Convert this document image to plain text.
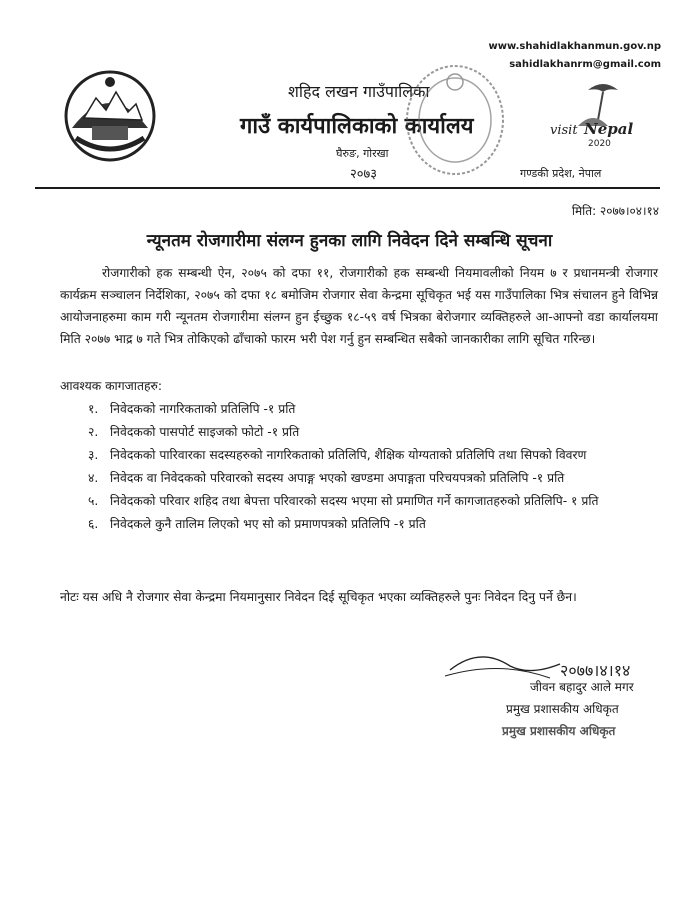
शहिद लखन गाउँपालिका
गाउँ कार्यपालिकाको कार्यालय
घैरुङ, गोरखा
२०७३
www.shahidlakhanmun.gov.np
sahidlakhanrm@gmail.com
visit Nepal
2020
गण्डकी प्रदेश, नेपाल
मिति: २०७७।०४।१४
न्यूनतम रोजगारीमा संलग्न हुनका लागि निवेदन दिने सम्बन्धि सूचना
रोजगारीको हक सम्बन्धी ऐन, २०७५ को दफा ११, रोजगारीको हक सम्बन्धी नियमावलीको नियम ७ र प्रधानमन्त्री रोजगार कार्यक्रम सञ्चालन निर्देशिका, २०७५ को दफा १८ बमोजिम रोजगार सेवा केन्द्रमा सूचिकृत भई यस गाउँपालिका भित्र संचालन हुने विभिन्न आयोजनाहरुमा काम गरी न्यूनतम रोजगारीमा संलग्न हुन ईच्छुक १८-५९ वर्ष भित्रका बेरोजगार व्यक्तिहरुले आ-आफ्नो वडा कार्यालयमा मिति २०७७ भाद्र ७ गते भित्र तोकिएको ढाँचाको फारम भरी पेश गर्नु हुन सम्बन्धित सबैको जानकारीका लागि सूचित गरिन्छ।
आवश्यक कागजातहरु:
१. निवेदकको नागरिकताको प्रतिलिपि -१ प्रति
२. निवेदकको पासपोर्ट साइजको फोटो -१ प्रति
३. निवेदकको पारिवारका सदस्यहरुको नागरिकताको प्रतिलिपि, शैक्षिक योग्यताको प्रतिलिपि तथा सिपको विवरण
४. निवेदक वा निवेदकको परिवारको सदस्य अपाङ्ग भएको खण्डमा अपाङ्गता परिचयपत्रको प्रतिलिपि -१ प्रति
५. निवेदकको परिवार शहिद तथा बेपत्ता परिवारको सदस्य भएमा सो प्रमाणित गर्ने कागजातहरुको प्रतिलिपि- १ प्रति
६. निवेदकले कुनै तालिम लिएको भए सो को प्रमाणपत्रको प्रतिलिपि -१ प्रति
नोटः यस अधि नै रोजगार सेवा केन्द्रमा नियमानुसार निवेदन दिई सूचिकृत भएका व्यक्तिहरुले पुनः निवेदन दिनु पर्ने छैन।
२०७७।४।१४
जीवन बहादुर आले मगर
प्रमुख प्रशासकीय अधिकृत
प्रमुख प्रशासकीय अधिकृत
